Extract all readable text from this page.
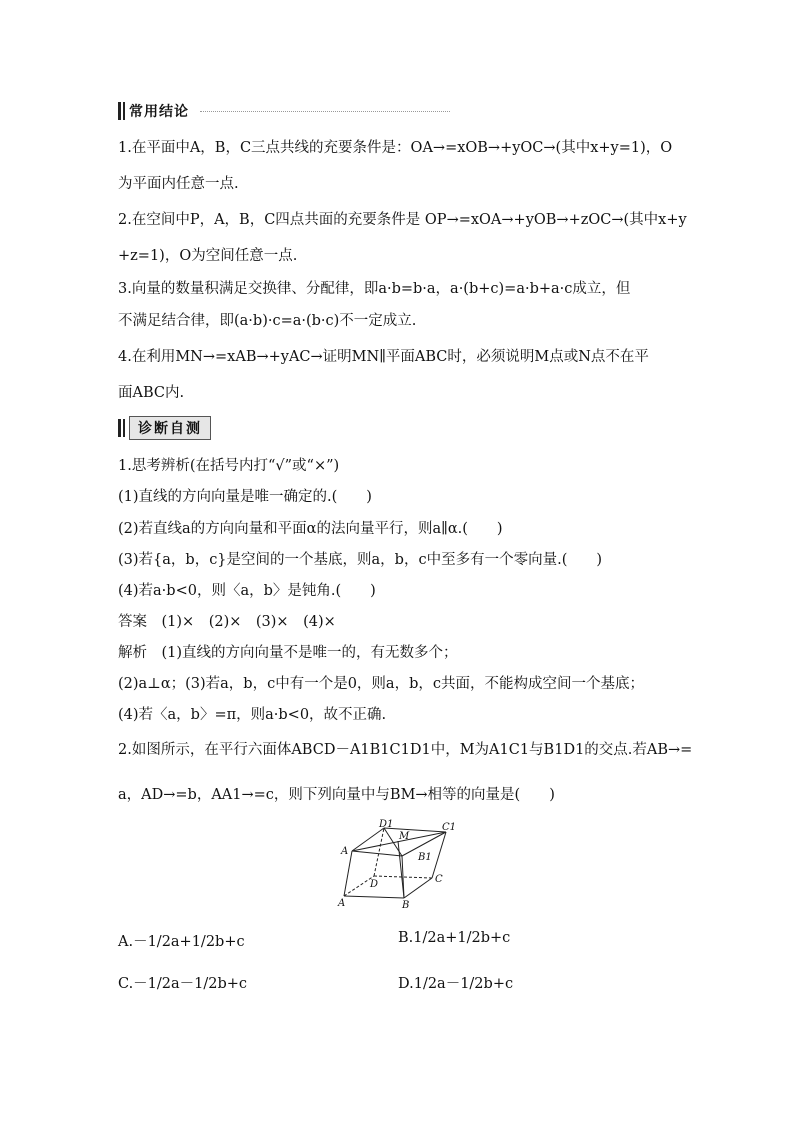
常用结论
1.在平面中A，B，C三点共线的充要条件是：OA→=xOB→+yOC→(其中x+y=1)，O
为平面内任意一点.
2.在空间中P，A，B，C四点共面的充要条件是 OP→=xOA→+yOB→+zOC→(其中x+y
+z=1)，O为空间任意一点.
3.向量的数量积满足交换律、分配律，即a·b=b·a，a·(b+c)=a·b+a·c成立，但
不满足结合律，即(a·b)·c=a·(b·c)不一定成立.
4.在利用MN→=xAB→+yAC→证明MN∥平面ABC时，必须说明M点或N点不在平
面ABC内.
诊断自测
1.思考辨析(在括号内打“√”或“×”)
(1)直线的方向向量是唯一确定的.(　　)
(2)若直线a的方向向量和平面α的法向量平行，则a∥α.(　　)
(3)若{a，b，c}是空间的一个基底，则a，b，c中至多有一个零向量.(　　)
(4)若a·b<0，则〈a，b〉是钝角.(　　)
答案　(1)×　(2)×　(3)×　(4)×
解析　(1)直线的方向向量不是唯一的，有无数多个；
(2)a⊥α；(3)若a，b，c中有一个是0，则a，b，c共面，不能构成空间一个基底；
(4)若〈a，b〉=π，则a·b<0，故不正确.
2.如图所示，在平行六面体ABCD－A1B1C1D1中，M为A1C1与B1D1的交点.若AB→=
a，AD→=b，AA1→=c，则下列向量中与BM→相等的向量是(　　)
D1
M
C1
A
B1
D	C
A	B
A.－1/2a+1/2b+c	B.1/2a+1/2b+c
C.－1/2a－1/2b+c	D.1/2a－1/2b+c
